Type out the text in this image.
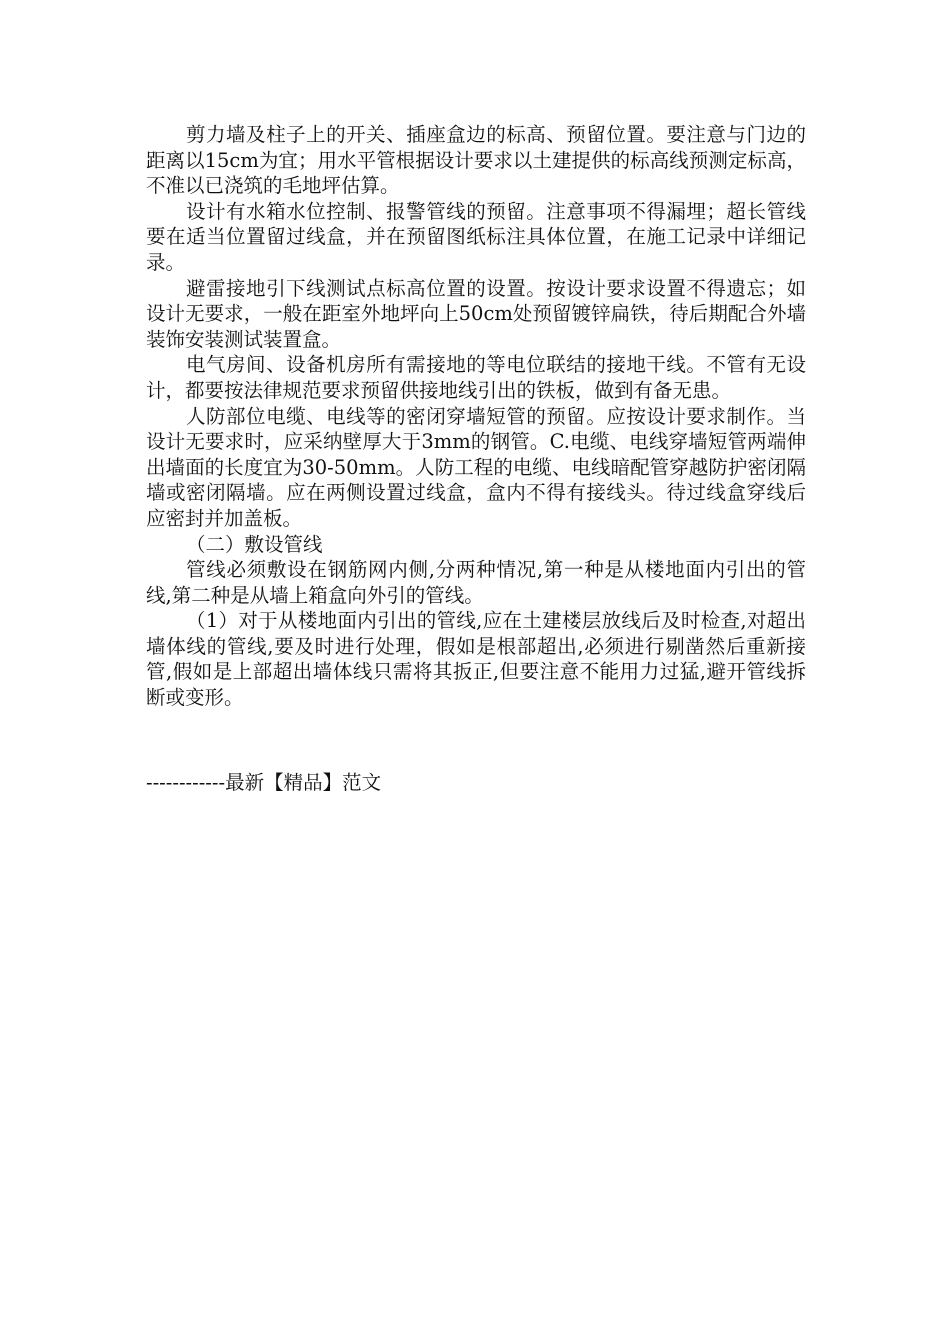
剪力墙及柱子上的开关、插座盒边的标高、预留位置。要注意与门边的距离以15cm为宜；用水平管根据设计要求以土建提供的标高线预测定标高，不准以已浇筑的毛地坪估算。

设计有水箱水位控制、报警管线的预留。注意事项不得漏埋；超长管线要在适当位置留过线盒，并在预留图纸标注具体位置，在施工记录中详细记录。

避雷接地引下线测试点标高位置的设置。按设计要求设置不得遗忘；如设计无要求，一般在距室外地坪向上50cm处预留镀锌扁铁，待后期配合外墙装饰安装测试装置盒。

电气房间、设备机房所有需接地的等电位联结的接地干线。不管有无设计，都要按法律规范要求预留供接地线引出的铁板，做到有备无患。

人防部位电缆、电线等的密闭穿墙短管的预留。应按设计要求制作。当设计无要求时，应采纳壁厚大于3mm的钢管。C.电缆、电线穿墙短管两端伸出墙面的长度宜为30-50mm。人防工程的电缆、电线暗配管穿越防护密闭隔墙或密闭隔墙。应在两侧设置过线盒，盒内不得有接线头。待过线盒穿线后应密封并加盖板。

（二）敷设管线

管线必须敷设在钢筋网内侧,分两种情况,第一种是从楼地面内引出的管线,第二种是从墙上箱盒向外引的管线。

（1）对于从楼地面内引出的管线,应在土建楼层放线后及时检查,对超出墙体线的管线,要及时进行处理，假如是根部超出,必须进行剔凿然后重新接管,假如是上部超出墙体线只需将其扳正,但要注意不能用力过猛,避开管线拆断或变形。

------------最新【精品】范文
